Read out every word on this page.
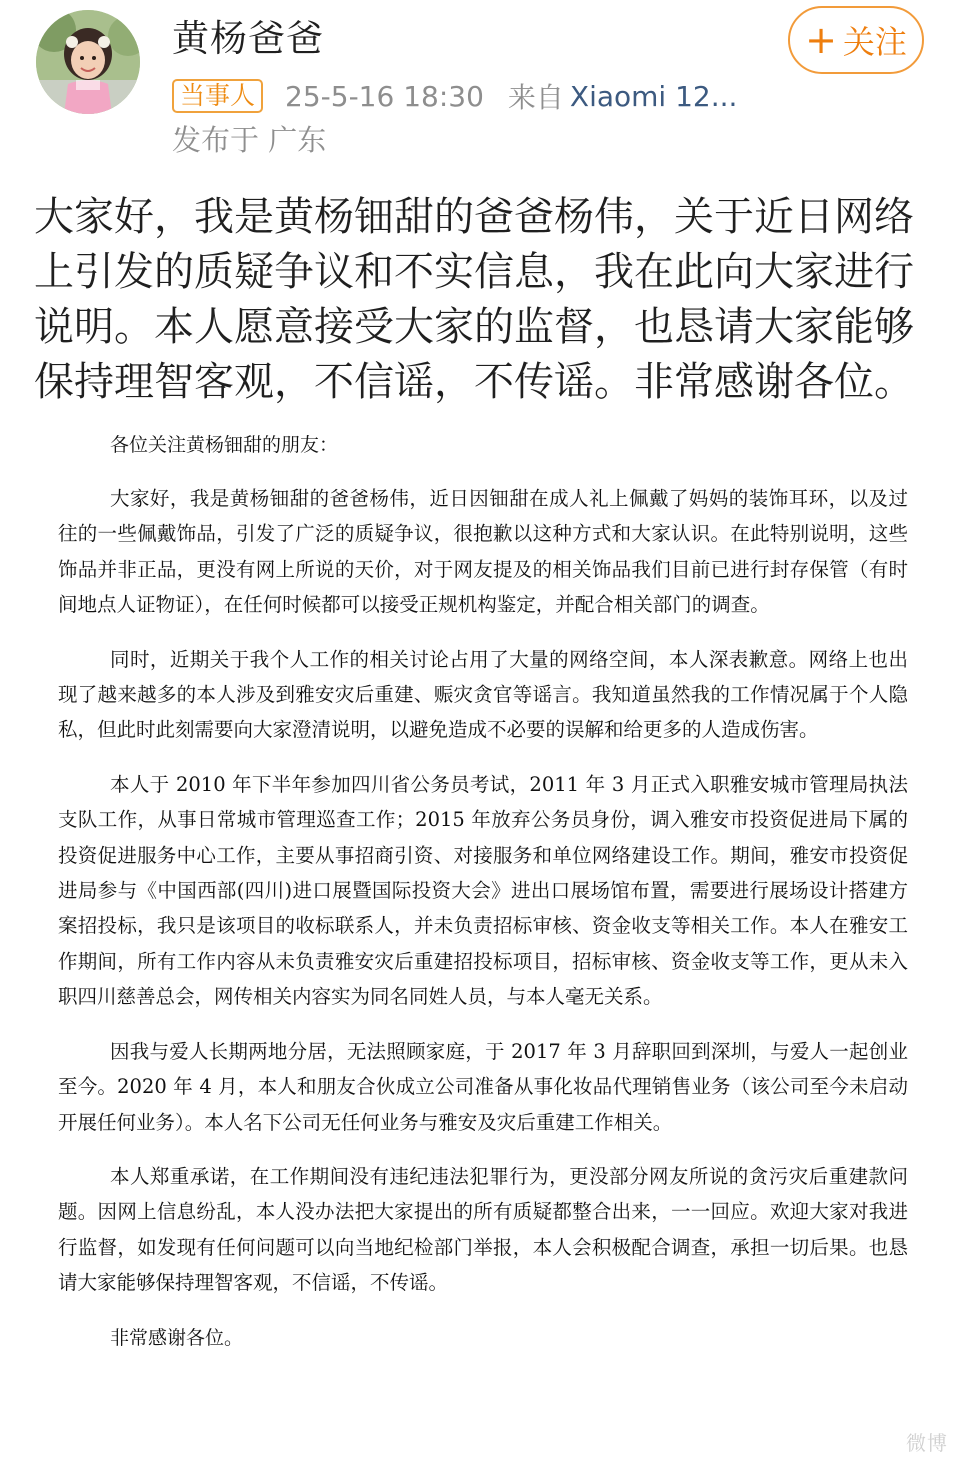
黄杨爸爸
当事人 25-5-16 18:30 来自 Xiaomi 12...
发布于 广东
+ 关注

大家好，我是黄杨钿甜的爸爸杨伟，关于近日网络上引发的质疑争议和不实信息，我在此向大家进行说明。本人愿意接受大家的监督，也恳请大家能够保持理智客观，不信谣，不传谣。非常感谢各位。

各位关注黄杨钿甜的朋友：

大家好，我是黄杨钿甜的爸爸杨伟，近日因钿甜在成人礼上佩戴了妈妈的装饰耳环，以及过往的一些佩戴饰品，引发了广泛的质疑争议，很抱歉以这种方式和大家认识。在此特别说明，这些饰品并非正品，更没有网上所说的天价，对于网友提及的相关饰品我们目前已进行封存保管（有时间地点人证物证），在任何时候都可以接受正规机构鉴定，并配合相关部门的调查。

同时，近期关于我个人工作的相关讨论占用了大量的网络空间，本人深表歉意。网络上也出现了越来越多的本人涉及到雅安灾后重建、赈灾贪官等谣言。我知道虽然我的工作情况属于个人隐私，但此时此刻需要向大家澄清说明，以避免造成不必要的误解和给更多的人造成伤害。

本人于 2010 年下半年参加四川省公务员考试，2011 年 3 月正式入职雅安城市管理局执法支队工作，从事日常城市管理巡查工作；2015 年放弃公务员身份，调入雅安市投资促进局下属的投资促进服务中心工作，主要从事招商引资、对接服务和单位网络建设工作。期间，雅安市投资促进局参与《中国西部(四川)进口展暨国际投资大会》进出口展场馆布置，需要进行展场设计搭建方案招投标，我只是该项目的收标联系人，并未负责招标审核、资金收支等相关工作。本人在雅安工作期间，所有工作内容从未负责雅安灾后重建招投标项目，招标审核、资金收支等工作，更从未入职四川慈善总会，网传相关内容实为同名同姓人员，与本人毫无关系。

因我与爱人长期两地分居，无法照顾家庭，于 2017 年 3 月辞职回到深圳，与爱人一起创业至今。2020 年 4 月，本人和朋友合伙成立公司准备从事化妆品代理销售业务（该公司至今未启动开展任何业务）。本人名下公司无任何业务与雅安及灾后重建工作相关。

本人郑重承诺，在工作期间没有违纪违法犯罪行为，更没部分网友所说的贪污灾后重建款问题。因网上信息纷乱，本人没办法把大家提出的所有质疑都整合出来，一一回应。欢迎大家对我进行监督，如发现有任何问题可以向当地纪检部门举报，本人会积极配合调查，承担一切后果。也恳请大家能够保持理智客观，不信谣，不传谣。

非常感谢各位。
微博
